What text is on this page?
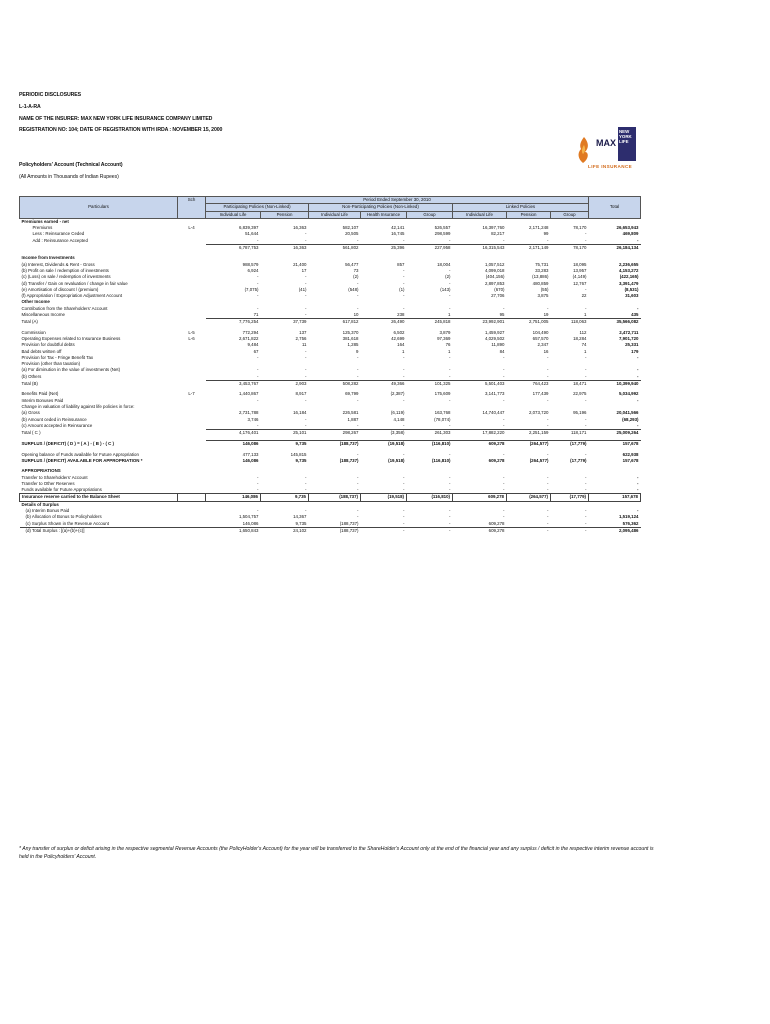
PERIODIC DISCLOSURES
L-1-A-RA
NAME OF THE INSURER: MAX NEW YORK LIFE INSURANCE COMPANY LIMITED
REGISTRATION NO: 104; DATE OF REGISTRATION WITH IRDA : NOVEMBER 15, 2000
Policyholders' Account (Technical Account)
(All Amounts in Thousands of Indian Rupees)
MAX
NEW
YORK
LIFE
LIFE INSURANCE
Particulars	Sch	Period Ended September 30, 2010								Total
		Participating Policies (Non-Linked)		Non-Participating Policies (Non-Linked)			Linked Policies			
		Individual Life	Pension	Individual Life	Health Insurance	Group	Individual Life	Pension	Group	
Premiums earned - net										
Premiums	L-4	6,839,397	16,363	582,107	42,141	526,557	16,397,760	2,171,248	78,170	26,653,943
Less : Reinsurance Ceded		51,644	-	20,505	16,745	298,599	82,217	99	-	469,809
Add : Reinsurance Accepted		-	-	-	-	-	-	-	-	-
		6,787,753	16,363	561,802	25,396	227,958	16,315,543	2,171,149	78,170	26,184,134

Income from Investments										
(a) Interest, Dividends & Rent - Gross		988,579	21,400	56,477	857	18,004	1,057,512	75,731	18,095	2,236,655
(b) Profit on sale / redemption of investments		6,924	17	73	-	-	4,099,018	33,283	13,957	4,153,272
(c) (Loss) on sale / redemption of investments		-	-	(2)	-	(2)	(404,156)	(13,886)	(4,149)	(422,165)
(d) Transfer / Gain on revaluation / change in fair value		-	-	-	-	-	2,897,853	480,859	12,767	3,391,479
(e) Amortisation of discount / (premium)		(7,075)	(41)	(548)	(1)	(143)	(670)	(55)	-	(8,531)
(f) Appropriation / Expropriation Adjustment Account		-	-	-	-	-	27,706	3,875	22	31,603
Other Income										
Contribution from the Shareholders' Account		-	-	-	-	-	-	-	-	-
Miscellaneous Income		71	-	10	238	1	95	19	1	435
Total (A)		7,776,254	37,739	617,812	26,490	245,818	23,992,901	2,751,005	118,063	35,566,082

Commission	L-5	772,294	137	125,370	6,502	3,879	1,459,927	104,490	112	2,472,711
Operating Expenses related to Insurance Business	L-6	2,671,822	2,756	381,618	42,699	97,369	4,029,502	657,570	18,284	7,901,720
Provision for doubtful debts		9,484	11	1,285	164	76	11,890	2,347	74	25,331
Bad debts written off		67	-	9	1	1	84	16	1	179
Provision for Tax - Fringe Benefit Tax		-	-	-	-	-	-	-	-	-
Provision (other than taxation)										
(a) For diminution in the value of investments (Net)		-	-	-	-	-	-	-	-	-
(b) Others		-	-	-	-	-	-	-	-	-
Total (B)		3,453,767	2,903	508,282	49,366	101,325	5,501,403	764,423	18,471	10,399,940

Benefits Paid (Net)	L-7	1,440,867	8,917	69,799	(2,387)	175,609	3,141,773	177,439	22,975	5,034,992
Interim Bonuses Paid		-	-	-	-	-	-	-	-	-
Change in valuation of liability against life policies in force:										
(a) Gross		2,731,788	16,184	226,581	(6,119)	163,768	14,740,447	2,073,720	95,196	20,041,566
(b) Amount ceded in Reinsurance		3,746	-	1,887	4,148	(78,074)	-	-	-	(68,293)
(c) Amount accepted in Reinsurance		-	-	-	-	-	-	-	-	-
Total ( C )		4,176,401	25,101	298,267	(3,358)	261,303	17,882,220	2,251,159	118,171	25,009,264

SURPLUS / (DEFICIT) ( D ) = ( A ) - ( B ) - ( C )		146,086	9,735	(188,737)	(19,518)	(116,810)	609,278	(264,577)	(17,779)	157,678

Opening balance of Funds available for Future Appropriation		477,133	145,815	-	-	-	-	-	-	622,938
SURPLUS / (DEFICIT) AVAILABLE FOR APPROPRIATION *		146,086	9,735	(188,737)	(19,518)	(116,810)	609,278	(264,577)	(17,779)	157,678

APPROPRIATIONS										
Transfer to Shareholders' Account		-	-	-	-	-	-	-	-	-
Transfer to Other Reserves		-	-	-	-	-	-	-	-	-
Funds available for Future Appropriations		-	-	-	-	-	-	-	-	-
Insurance reserve carried to the Balance Sheet		146,086	9,735	(188,737)	(19,518)	(116,810)	609,278	(264,577)	(17,779)	157,678
Details of Surplus										
(a) Interim Bonus Paid		-	-	-	-	-	-	-	-	-
(b) Allocation of Bonus to Policyholders		1,504,757	14,367	-	-	-	-	-	-	1,519,124
(c) Surplus Shown in the Revenue Account		146,086	9,735	(188,737)	-	-	609,278	-	-	576,362
(d) Total Surplus : [(a)+(b)+(c)]		1,650,843	24,102	(188,737)	-	-	609,278	-	-	2,095,486
* Any transfer of surplus or deficit arising in the respective segmental Revenue Accounts (the PolicyHolder's Account) for the year will be transferred to the ShareHolder's Account only at the end of the financial year and any surplus / deficit in the respective interim revenue account is held in the Policyholders' Account.
